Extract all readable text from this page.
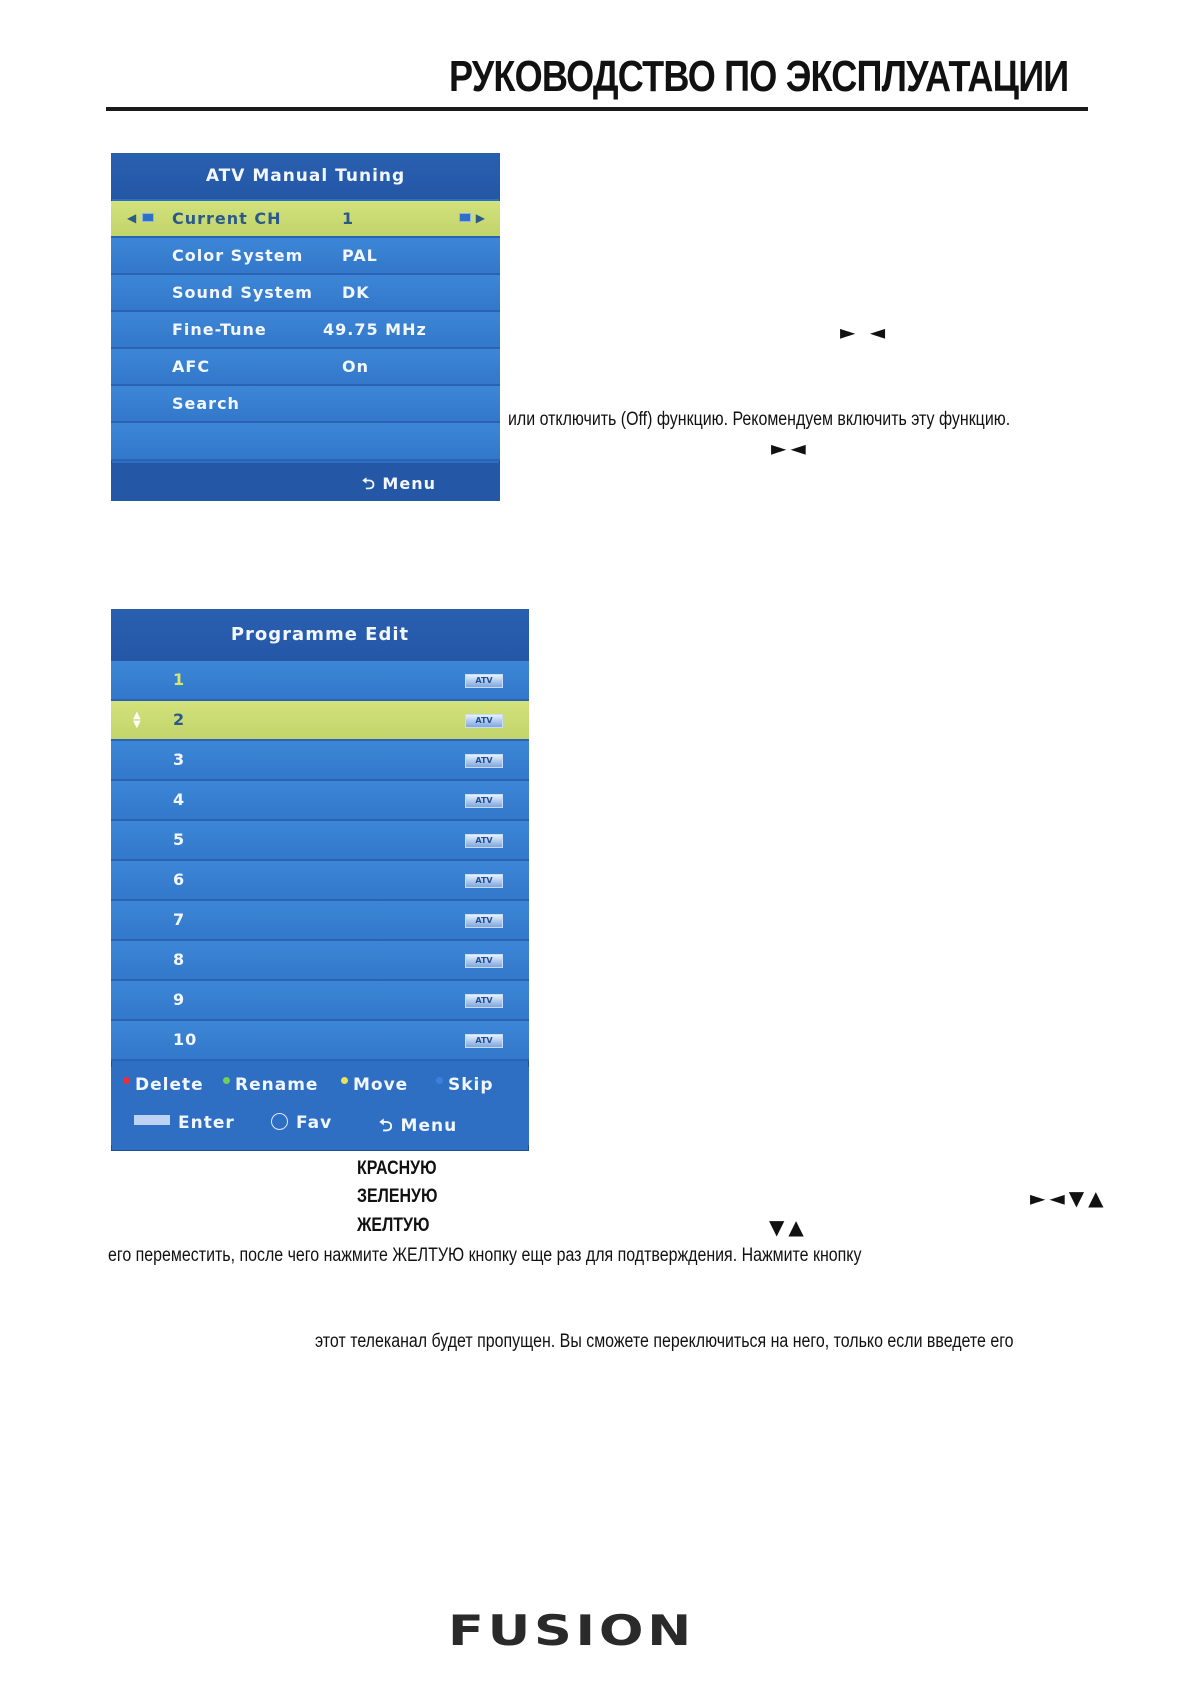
РУКОВОДСТВО ПО ЭКСПЛУАТАЦИИ
ATV Manual Tuning
◀	Current CH	1	▶
Color System PAL
Sound System DK
Fine-Tune	49.75 MHz
AFC	On
Search
⮌ Menu
► ◄
или отключить (Off) функцию. Рекомендуем включить эту функцию.
►◄
Programme Edit
1	ATV
▲
▼ 2	ATV
3	ATV
4	ATV
5	ATV
6	ATV
7	ATV
8	ATV
9	ATV
10	ATV
Delete	Rename	Move	Skip
Enter	Fav	⮌ Menu
КРАСНУЮ
ЗЕЛЕНУЮ	►◄▼▲
ЖЕЛТУЮ	▼▲
его переместить, после чего нажмите ЖЕЛТУЮ кнопку еще раз для подтверждения. Нажмите кнопку
этот телеканал будет пропущен. Вы сможете переключиться на него, только если введете его
FUSION
